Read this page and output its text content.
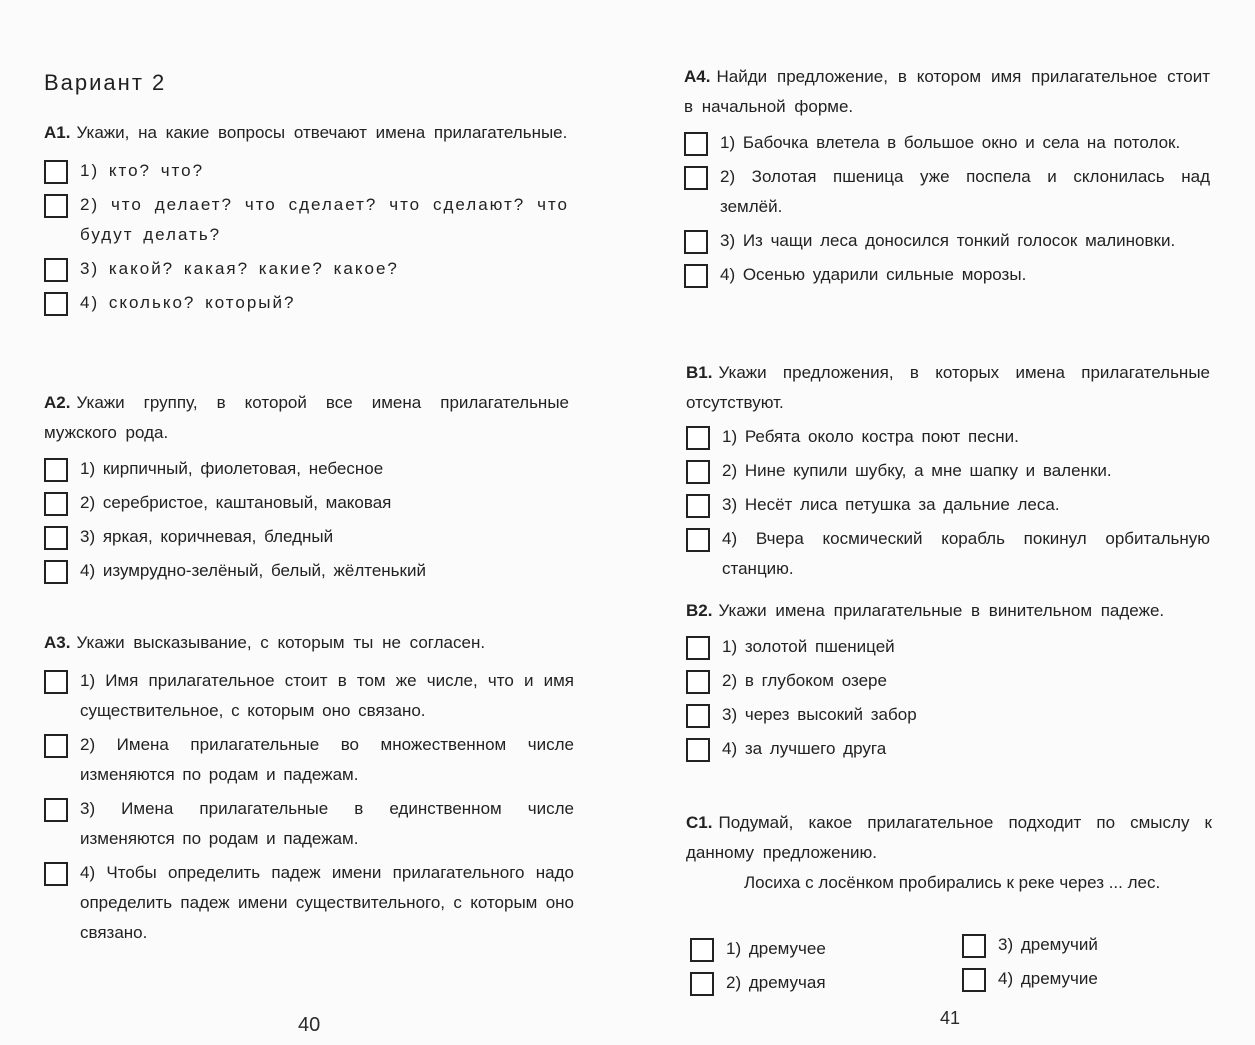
Вариант 2
A1. Укажи, на какие вопросы отвечают имена прилагательные.
1) кто? что?
2) что делает? что сделает? что сделают? что будут делать?
3) какой? какая? какие? какое?
4) сколько? который?
A2. Укажи группу, в которой все имена прилагательные мужского рода.
1) кирпичный, фиолетовая, небесное
2) серебристое, каштановый, маковая
3) яркая, коричневая, бледный
4) изумрудно-зелёный, белый, жёлтенький
A3. Укажи высказывание, с которым ты не согласен.
1) Имя прилагательное стоит в том же числе, что и имя существительное, с которым оно связано.
2) Имена прилагательные во множественном числе изменяются по родам и падежам.
3) Имена прилагательные в единственном числе изменяются по родам и падежам.
4) Чтобы определить падеж имени прилагательного надо определить падеж имени существительного, с которым оно связано.
40
A4. Найди предложение, в котором имя прилагательное стоит в начальной форме.
1) Бабочка влетела в большое окно и села на потолок.
2) Золотая пшеница уже поспела и склонилась над землёй.
3) Из чащи леса доносился тонкий голосок малиновки.
4) Осенью ударили сильные морозы.
B1. Укажи предложения, в которых имена прилагательные отсутствуют.
1) Ребята около костра поют песни.
2) Нине купили шубку, а мне шапку и валенки.
3) Несёт лиса петушка за дальние леса.
4) Вчера космический корабль покинул орбитальную станцию.
B2. Укажи имена прилагательные в винительном падеже.
1) золотой пшеницей
2) в глубоком озере
3) через высокий забор
4) за лучшего друга
C1. Подумай, какое прилагательное подходит по смыслу к данному предложению.
Лосиха с лосёнком пробирались к реке через ... лес.
1) дремучее
2) дремучая
3) дремучий
4) дремучие
41
